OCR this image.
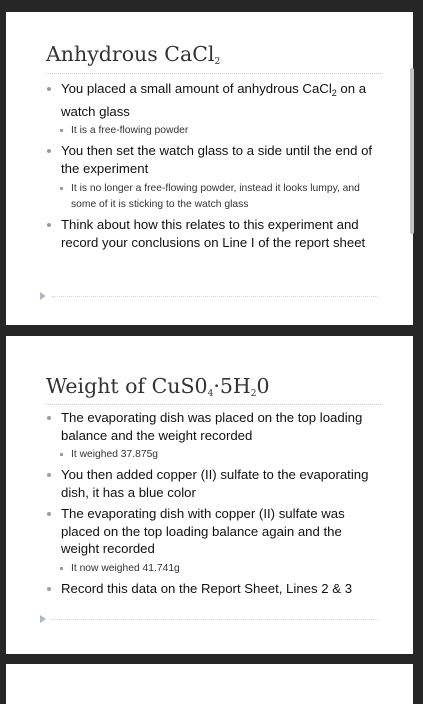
Anhydrous CaCl$_2$
You placed a small amount of anhydrous CaCl$_2$ on a watch glass
It is a free-flowing powder
You then set the watch glass to a side until the end of the experiment
It is no longer a free-flowing powder, instead it looks lumpy, and some of it is sticking to the watch glass
Think about how this relates to this experiment and record your conclusions on Line I of the report sheet
Weight of $CuS0_4\cdot 5H_20$
The evaporating dish was placed on the top loading balance and the weight recorded
It weighed 37.875g
You then added copper (II) sulfate to the evaporating dish, it has a blue color
The evaporating dish with copper (II) sulfate was placed on the top loading balance again and the weight recorded
It now weighed 41.741g
Record this data on the Report Sheet, Lines 2 & 3
